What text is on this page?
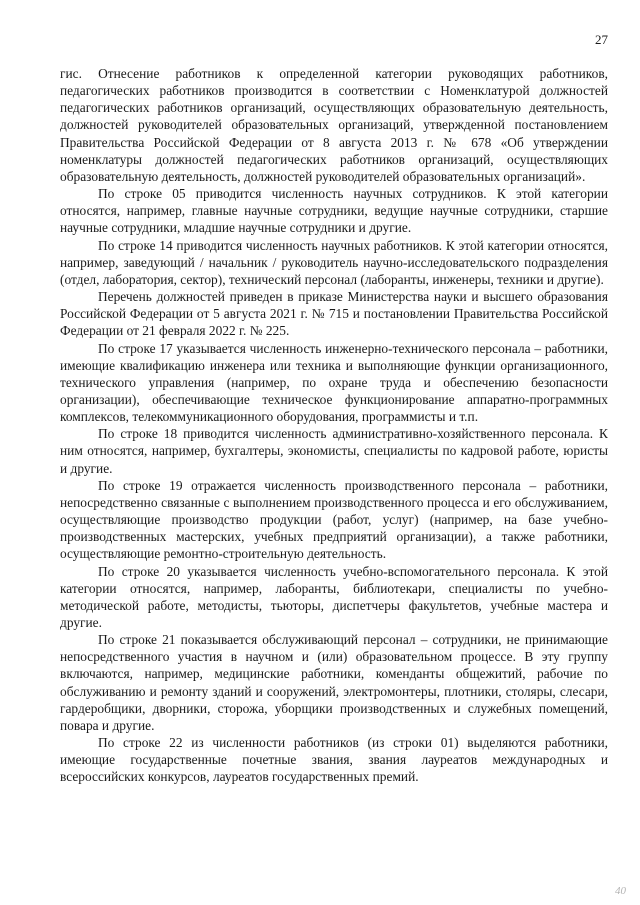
27

гис. Отнесение работников к определенной категории руководящих работников, педагогических работников производится в соответствии с Номенклатурой должностей педагогических работников организаций, осуществляющих образовательную деятельность, должностей руководителей образовательных организаций, утвержденной постановлением Правительства Российской Федерации от 8 августа 2013 г. № 678 «Об утверждении номенклатуры должностей педагогических работников организаций, осуществляющих образовательную деятельность, должностей руководителей образовательных организаций».

По строке 05 приводится численность научных сотрудников. К этой категории относятся, например, главные научные сотрудники, ведущие научные сотрудники, старшие научные сотрудники, младшие научные сотрудники и другие.

По строке 14 приводится численность научных работников. К этой категории относятся, например, заведующий / начальник / руководитель научно-исследовательского подразделения (отдел, лаборатория, сектор), технический персонал (лаборанты, инженеры, техники и другие).

Перечень должностей приведен в приказе Министерства науки и высшего образования Российской Федерации от 5 августа 2021 г. № 715 и постановлении Правительства Российской Федерации от 21 февраля 2022 г. № 225.

По строке 17 указывается численность инженерно-технического персонала – работники, имеющие квалификацию инженера или техника и выполняющие функции организационного, технического управления (например, по охране труда и обеспечению безопасности организации), обеспечивающие техническое функционирование аппаратно-программных комплексов, телекоммуникационного оборудования, программисты и т.п.

По строке 18 приводится численность административно-хозяйственного персонала. К ним относятся, например, бухгалтеры, экономисты, специалисты по кадровой работе, юристы и другие.

По строке 19 отражается численность производственного персонала – работники, непосредственно связанные с выполнением производственного процесса и его обслуживанием, осуществляющие производство продукции (работ, услуг) (например, на базе учебно-производственных мастерских, учебных предприятий организации), а также работники, осуществляющие ремонтно-строительную деятельность.

По строке 20 указывается численность учебно-вспомогательного персонала. К этой категории относятся, например, лаборанты, библиотекари, специалисты по учебно-методической работе, методисты, тьюторы, диспетчеры факультетов, учебные мастера и другие.

По строке 21 показывается обслуживающий персонал – сотрудники, не принимающие непосредственного участия в научном и (или) образовательном процессе. В эту группу включаются, например, медицинские работники, коменданты общежитий, рабочие по обслуживанию и ремонту зданий и сооружений, электромонтеры, плотники, столяры, слесари, гардеробщики, дворники, сторожа, уборщики производственных и служебных помещений, повара и другие.

По строке 22 из численности работников (из строки 01) выделяются работники, имеющие государственные почетные звания, звания лауреатов международных и всероссийских конкурсов, лауреатов государственных премий.

40
